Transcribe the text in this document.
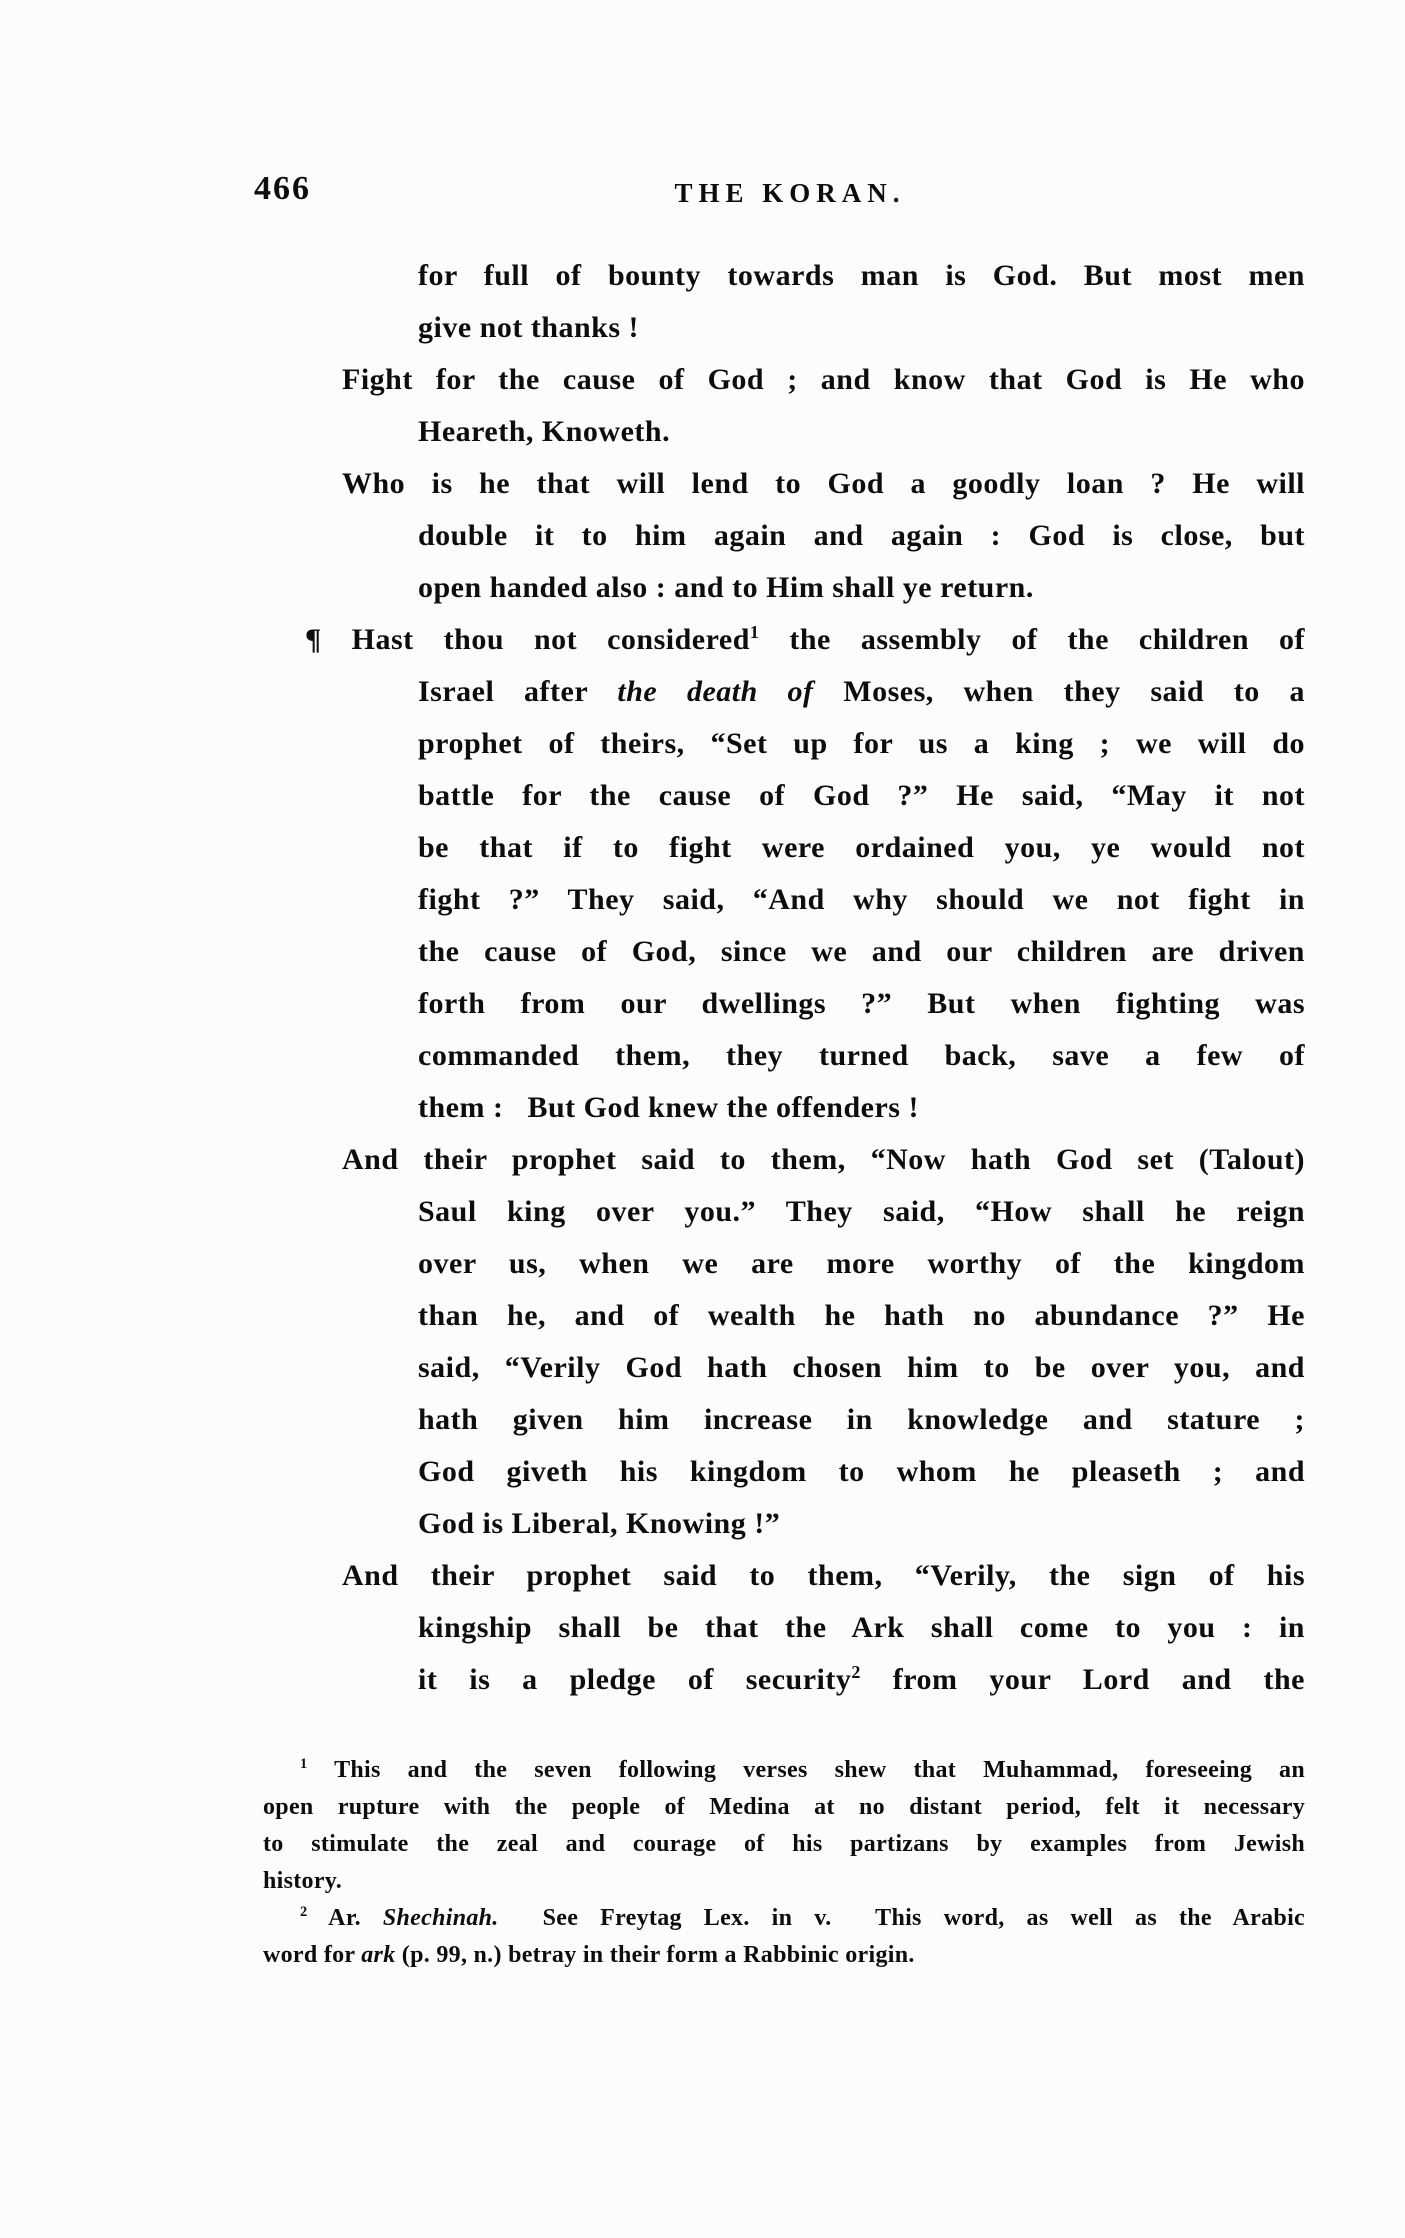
466	THE KORAN.
for full of bounty towards man is God. But most men
give not thanks !
Fight for the cause of God ; and know that God is He who
Heareth, Knoweth.
Who is he that will lend to God a goodly loan ? He will
double it to him again and again : God is close, but
open handed also : and to Him shall ye return.
¶ Hast thou not considered$^1$ the assembly of the children of
Israel after the death of Moses, when they said to a
prophet of theirs, “Set up for us a king ; we will do
battle for the cause of God ?” He said, “May it not
be that if to fight were ordained you, ye would not
fight ?” They said, “And why should we not fight in
the cause of God, since we and our children are driven
forth from our dwellings ?” But when fighting was
commanded them, they turned back, save a few of
them :   But God knew the offenders !
And their prophet said to them, “Now hath God set (Talout)
Saul king over you.” They said, “How shall he reign
over us, when we are more worthy of the kingdom
than he, and of wealth he hath no abundance ?” He
said, “Verily God hath chosen him to be over you, and
hath given him increase in knowledge and stature ;
God giveth his kingdom to whom he pleaseth ; and
God is Liberal, Knowing !”
And their prophet said to them, “Verily, the sign of his
kingship shall be that the Ark shall come to you : in
it is a pledge of security$^2$ from your Lord and the
$^1$ This and the seven following verses shew that Muhammad, foreseeing an
open rupture with the people of Medina at no distant period, felt it necessary
to stimulate the zeal and courage of his partizans by examples from Jewish
history.
$^2$ Ar. Shechinah.  See Freytag Lex. in v.  This word, as well as the Arabic
word for ark (p. 99, n.) betray in their form a Rabbinic origin.
